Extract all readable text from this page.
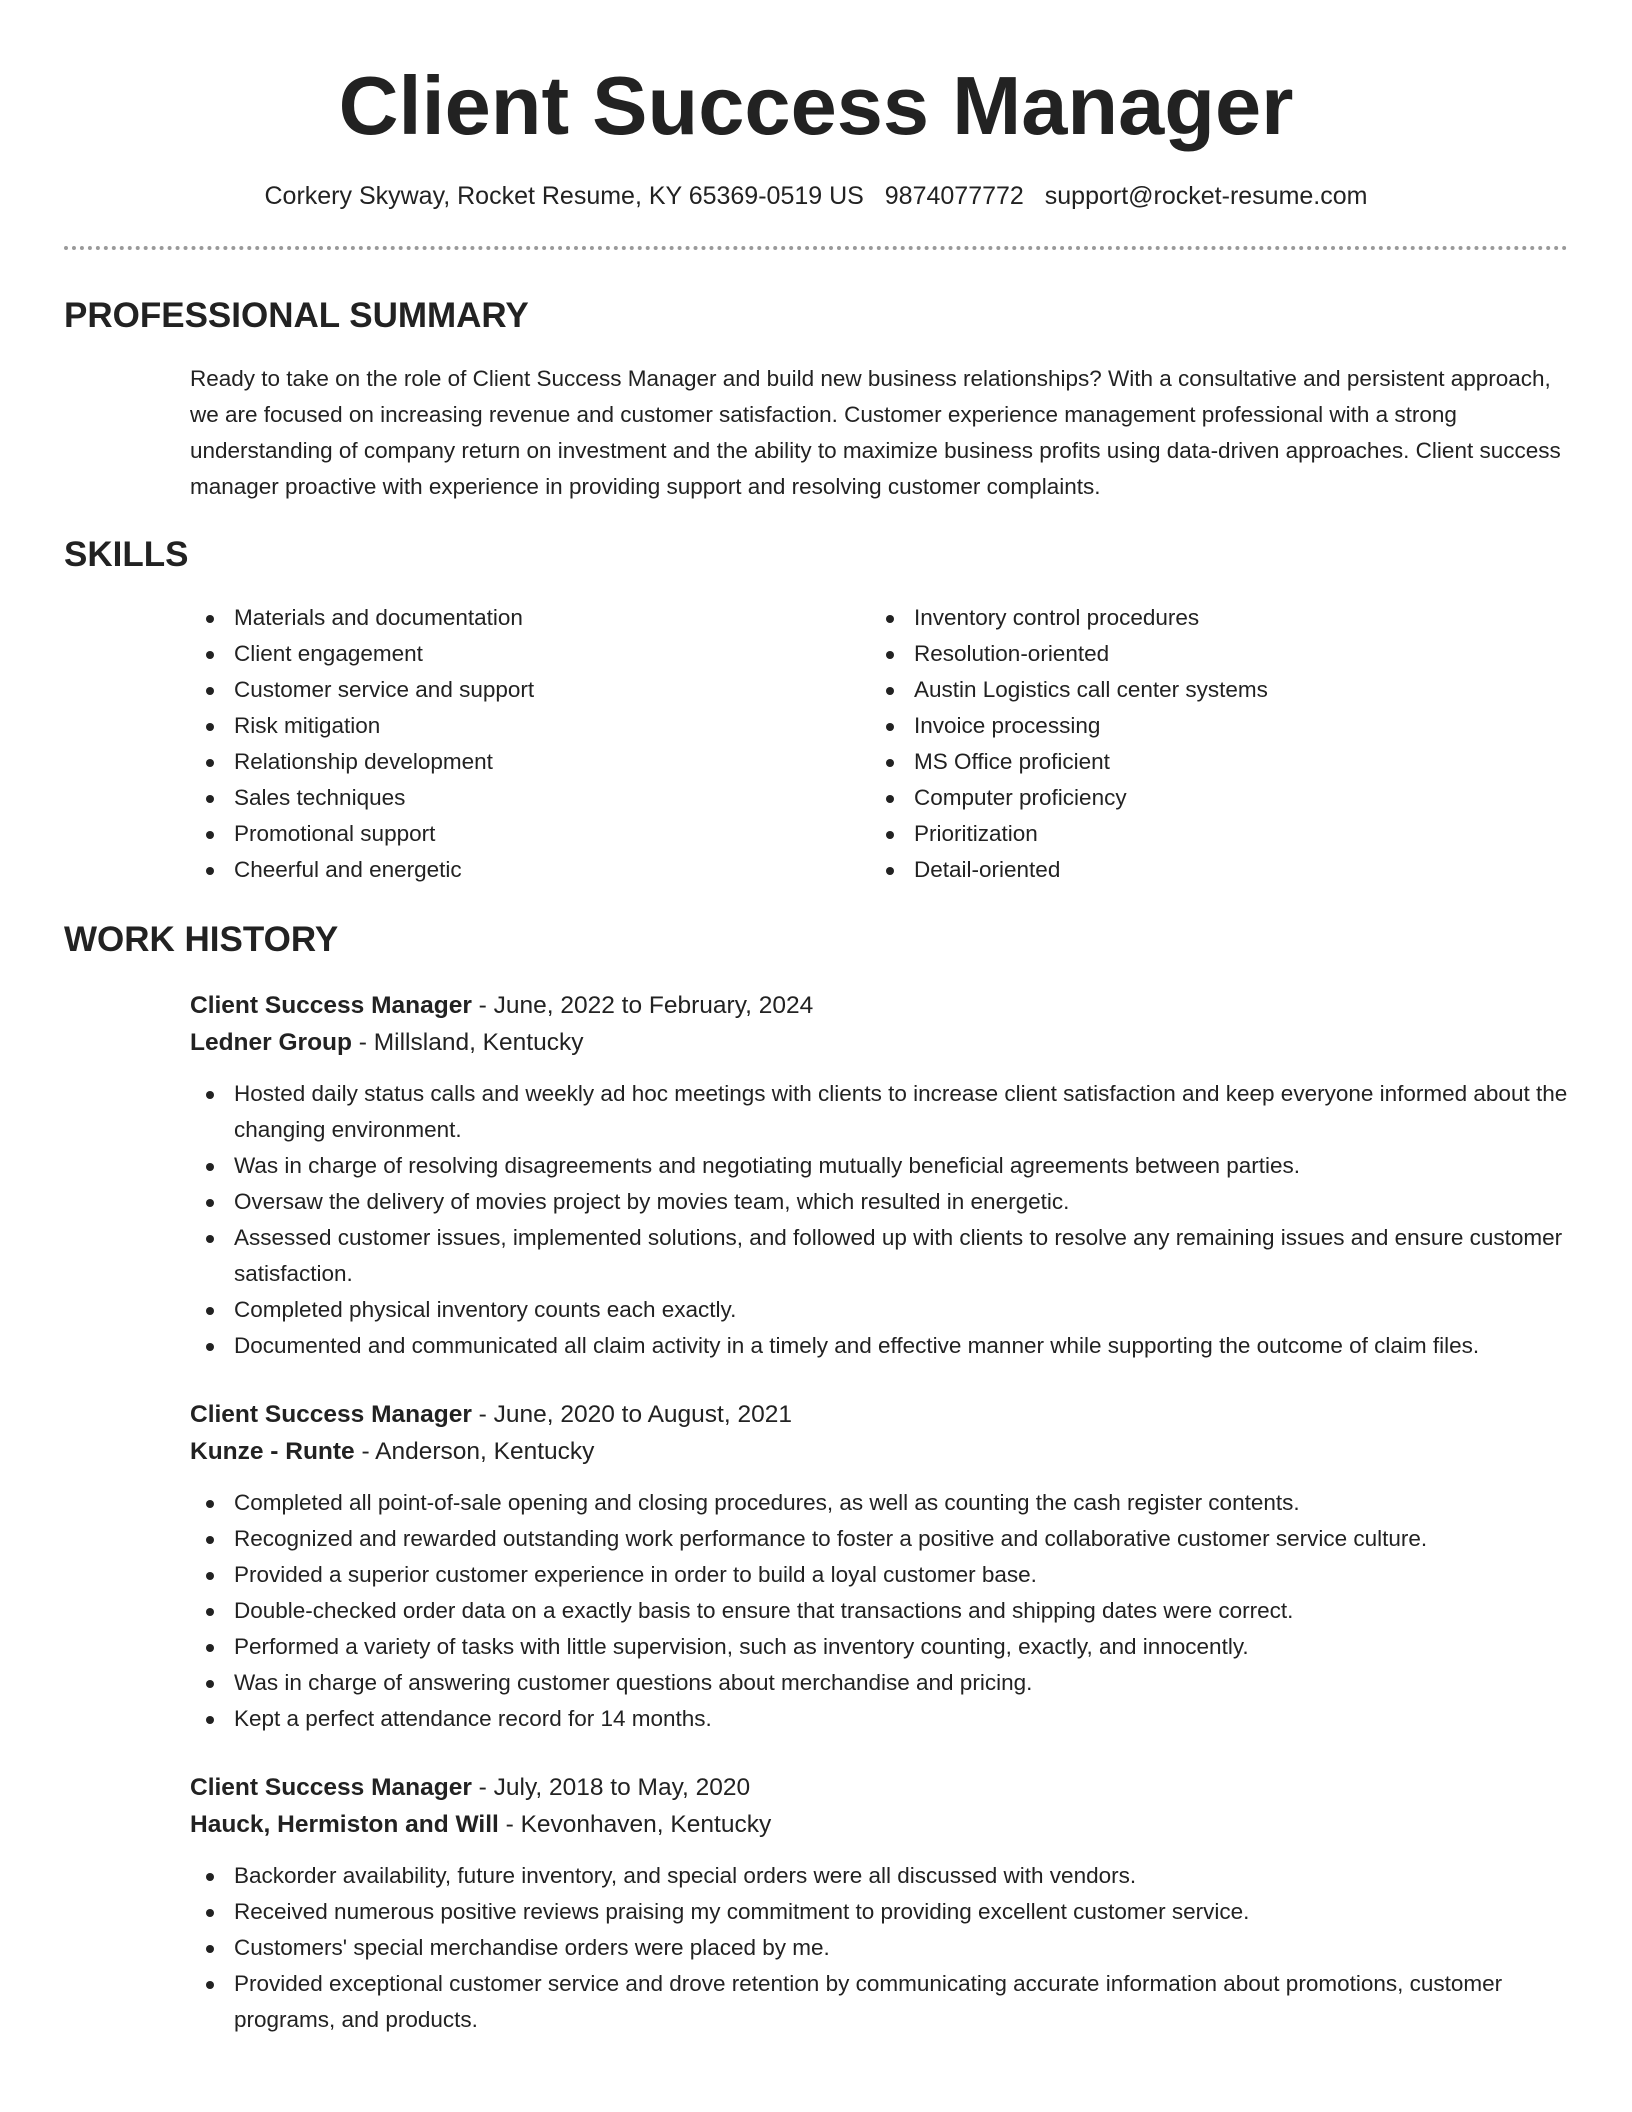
Client Success Manager
Corkery Skyway, Rocket Resume, KY 65369-0519 US 9874077772 support@rocket-resume.com
PROFESSIONAL SUMMARY

Ready to take on the role of Client Success Manager and build new business relationships? With a consultative and persistent approach, we are focused on increasing revenue and customer satisfaction. Customer experience management professional with a strong understanding of company return on investment and the ability to maximize business profits using data-driven approaches. Client success manager proactive with experience in providing support and resolving customer complaints.

SKILLS
Materials and documentation
Client engagement
Customer service and support
Risk mitigation
Relationship development
Sales techniques
Promotional support
Cheerful and energetic
Inventory control procedures
Resolution-oriented
Austin Logistics call center systems
Invoice processing
MS Office proficient
Computer proficiency
Prioritization
Detail-oriented
WORK HISTORY
Client Success Manager - June, 2022 to February, 2024
Ledner Group - Millsland, Kentucky
Hosted daily status calls and weekly ad hoc meetings with clients to increase client satisfaction and keep everyone informed about the changing environment.
Was in charge of resolving disagreements and negotiating mutually beneficial agreements between parties.
Oversaw the delivery of movies project by movies team, which resulted in energetic.
Assessed customer issues, implemented solutions, and followed up with clients to resolve any remaining issues and ensure customer satisfaction.
Completed physical inventory counts each exactly.
Documented and communicated all claim activity in a timely and effective manner while supporting the outcome of claim files.
Client Success Manager - June, 2020 to August, 2021
Kunze - Runte - Anderson, Kentucky
Completed all point-of-sale opening and closing procedures, as well as counting the cash register contents.
Recognized and rewarded outstanding work performance to foster a positive and collaborative customer service culture.
Provided a superior customer experience in order to build a loyal customer base.
Double-checked order data on a exactly basis to ensure that transactions and shipping dates were correct.
Performed a variety of tasks with little supervision, such as inventory counting, exactly, and innocently.
Was in charge of answering customer questions about merchandise and pricing.
Kept a perfect attendance record for 14 months.
Client Success Manager - July, 2018 to May, 2020
Hauck, Hermiston and Will - Kevonhaven, Kentucky
Backorder availability, future inventory, and special orders were all discussed with vendors.
Received numerous positive reviews praising my commitment to providing excellent customer service.
Customers' special merchandise orders were placed by me.
Provided exceptional customer service and drove retention by communicating accurate information about promotions, customer programs, and products.
